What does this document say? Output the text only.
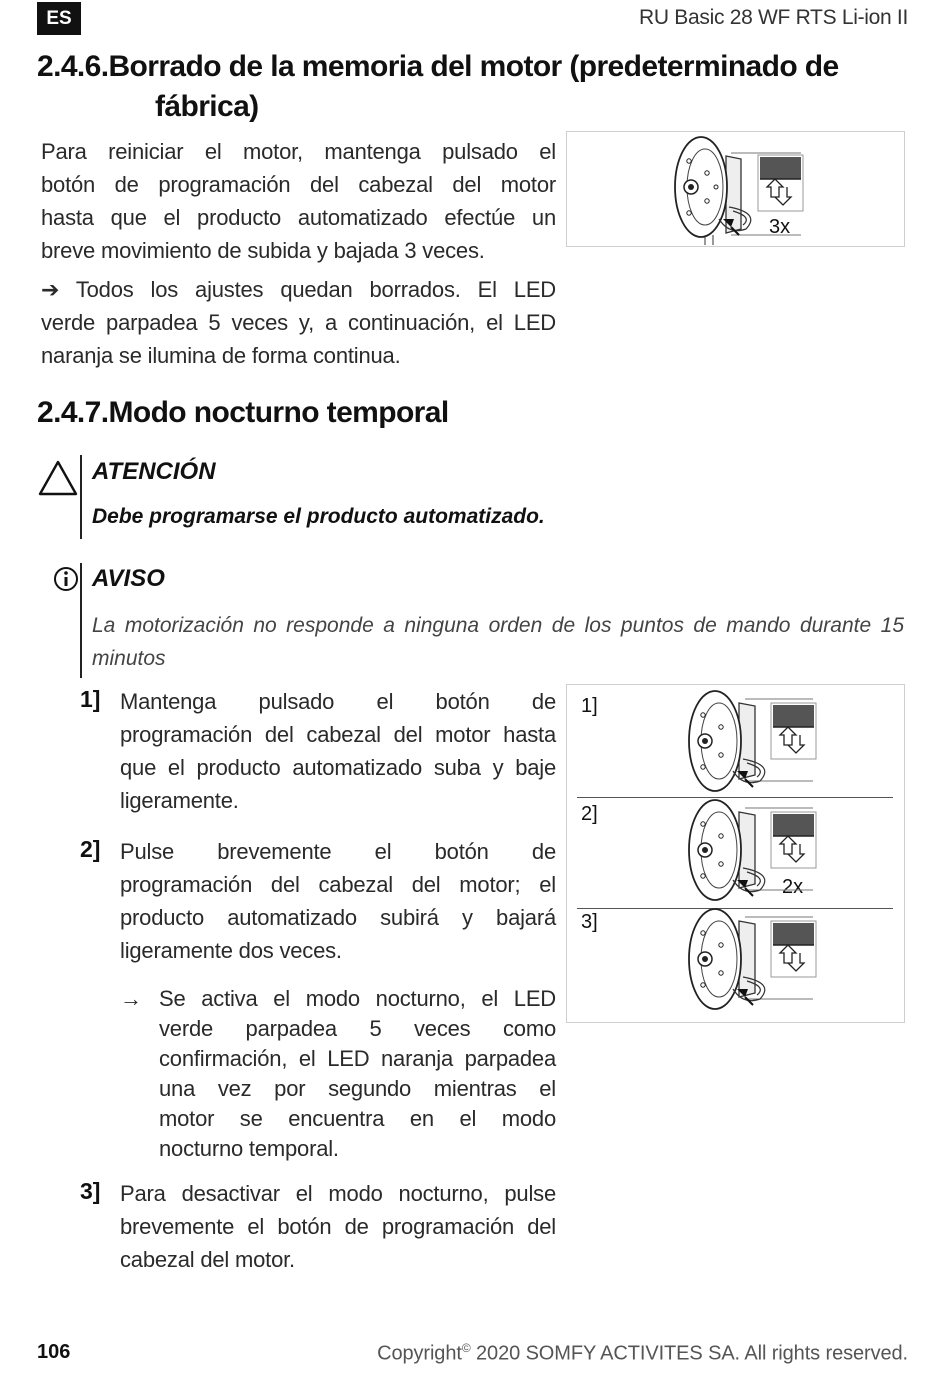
ES	RU Basic 28 WF RTS Li-ion II
2.4.6.Borrado de la memoria del motor (predeterminado de
fábrica)
Para reiniciar el motor, mantenga pulsado el
botón de programación del cabezal del motor
hasta que el producto automatizado efectúe un
breve movimiento de subida y bajada 3 veces.
➔ Todos los ajustes quedan borrados. El LED
verde parpadea 5 veces y, a continuación, el LED
naranja se ilumina de forma continua.
3x
2.4.7.Modo nocturno temporal
ATENCIÓN
Debe programarse el producto automatizado.
AVISO
La motorización no responde a ninguna orden de los puntos de mando durante 15
minutos
1] Mantenga pulsado el botón de
programación del cabezal del motor hasta
que el producto automatizado suba y baje
ligeramente.
2] Pulse brevemente el botón de
programación del cabezal del motor; el
producto automatizado subirá y bajará
ligeramente dos veces.
→ Se activa el modo nocturno, el LED
verde parpadea 5 veces como
confirmación, el LED naranja parpadea
una vez por segundo mientras el
motor se encuentra en el modo
nocturno temporal.
3] Para desactivar el modo nocturno, pulse
brevemente el botón de programación del
cabezal del motor.
1]
2]
3]
2x
106	Copyright© 2020 SOMFY ACTIVITES SA. All rights reserved.
